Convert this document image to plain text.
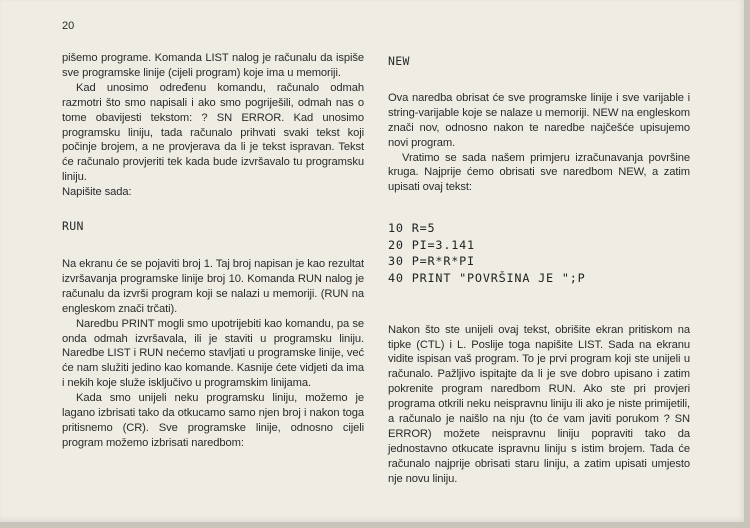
20

pišemo programe. Komanda LIST nalog je računalu da ispiše sve programske linije (cijeli program) koje ima u memoriji.

Kad unosimo određenu komandu, računalo odmah razmotri što smo napisali i ako smo pogriješili, odmah nas o tome obavijesti tekstom: ? SN ERROR. Kad unosimo programsku liniju, tada računalo prihvati svaki tekst koji počinje brojem, a ne provjerava da li je tekst ispravan. Tekst će računalo provjeriti tek kada bude izvršavalo tu programsku liniju.

Napišite sada:

RUN

Na ekranu će se pojaviti broj 1. Taj broj napisan je kao rezultat izvršavanja programske linije broj 10. Komanda RUN nalog je računalu da izvrši program koji se nalazi u memoriji. (RUN na engleskom znači trčati).

Naredbu PRINT mogli smo upotrijebiti kao komandu, pa se onda odmah izvršavala, ili je staviti u programsku liniju. Naredbe LIST i RUN nećemo stavljati u programske linije, već će nam služiti jedino kao komande. Kasnije ćete vidjeti da ima i nekih koje služe isključivo u programskim linijama.

Kada smo unijeli neku programsku liniju, možemo je lagano izbrisati tako da otkucamo samo njen broj i nakon toga pritisnemo (CR). Sve programske linije, odnosno cijeli program možemo izbrisati naredbom:

NEW

Ova naredba obrisat će sve programske linije i sve varijable i string-varijable koje se nalaze u memoriji. NEW na engleskom znači nov, odnosno nakon te naredbe najčešće upisujemo novi program.

Vratimo se sada našem primjeru izračunavanja površine kruga. Najprije ćemo obrisati sve naredbom NEW, a zatim upisati ovaj tekst:

10 R=5
20 PI=3.141
30 P=R*R*PI
40 PRINT "POVRŠINA JE ";P

Nakon što ste unijeli ovaj tekst, obrišite ekran pritiskom na tipke (CTL) i L. Poslije toga napišite LIST. Sada na ekranu vidite ispisan vaš program. To je prvi program koji ste unijeli u računalo. Pažljivo ispitajte da li je sve dobro upisano i zatim pokrenite program naredbom RUN. Ako ste pri provjeri programa otkrili neku neispravnu liniju ili ako je niste primijetili, a računalo je naišlo na nju (to će vam javiti porukom ? SN ERROR) možete neispravnu liniju popraviti tako da jednostavno otkucate ispravnu liniju s istim brojem. Tada će računalo najprije obrisati staru liniju, a zatim upisati umjesto nje novu liniju.
